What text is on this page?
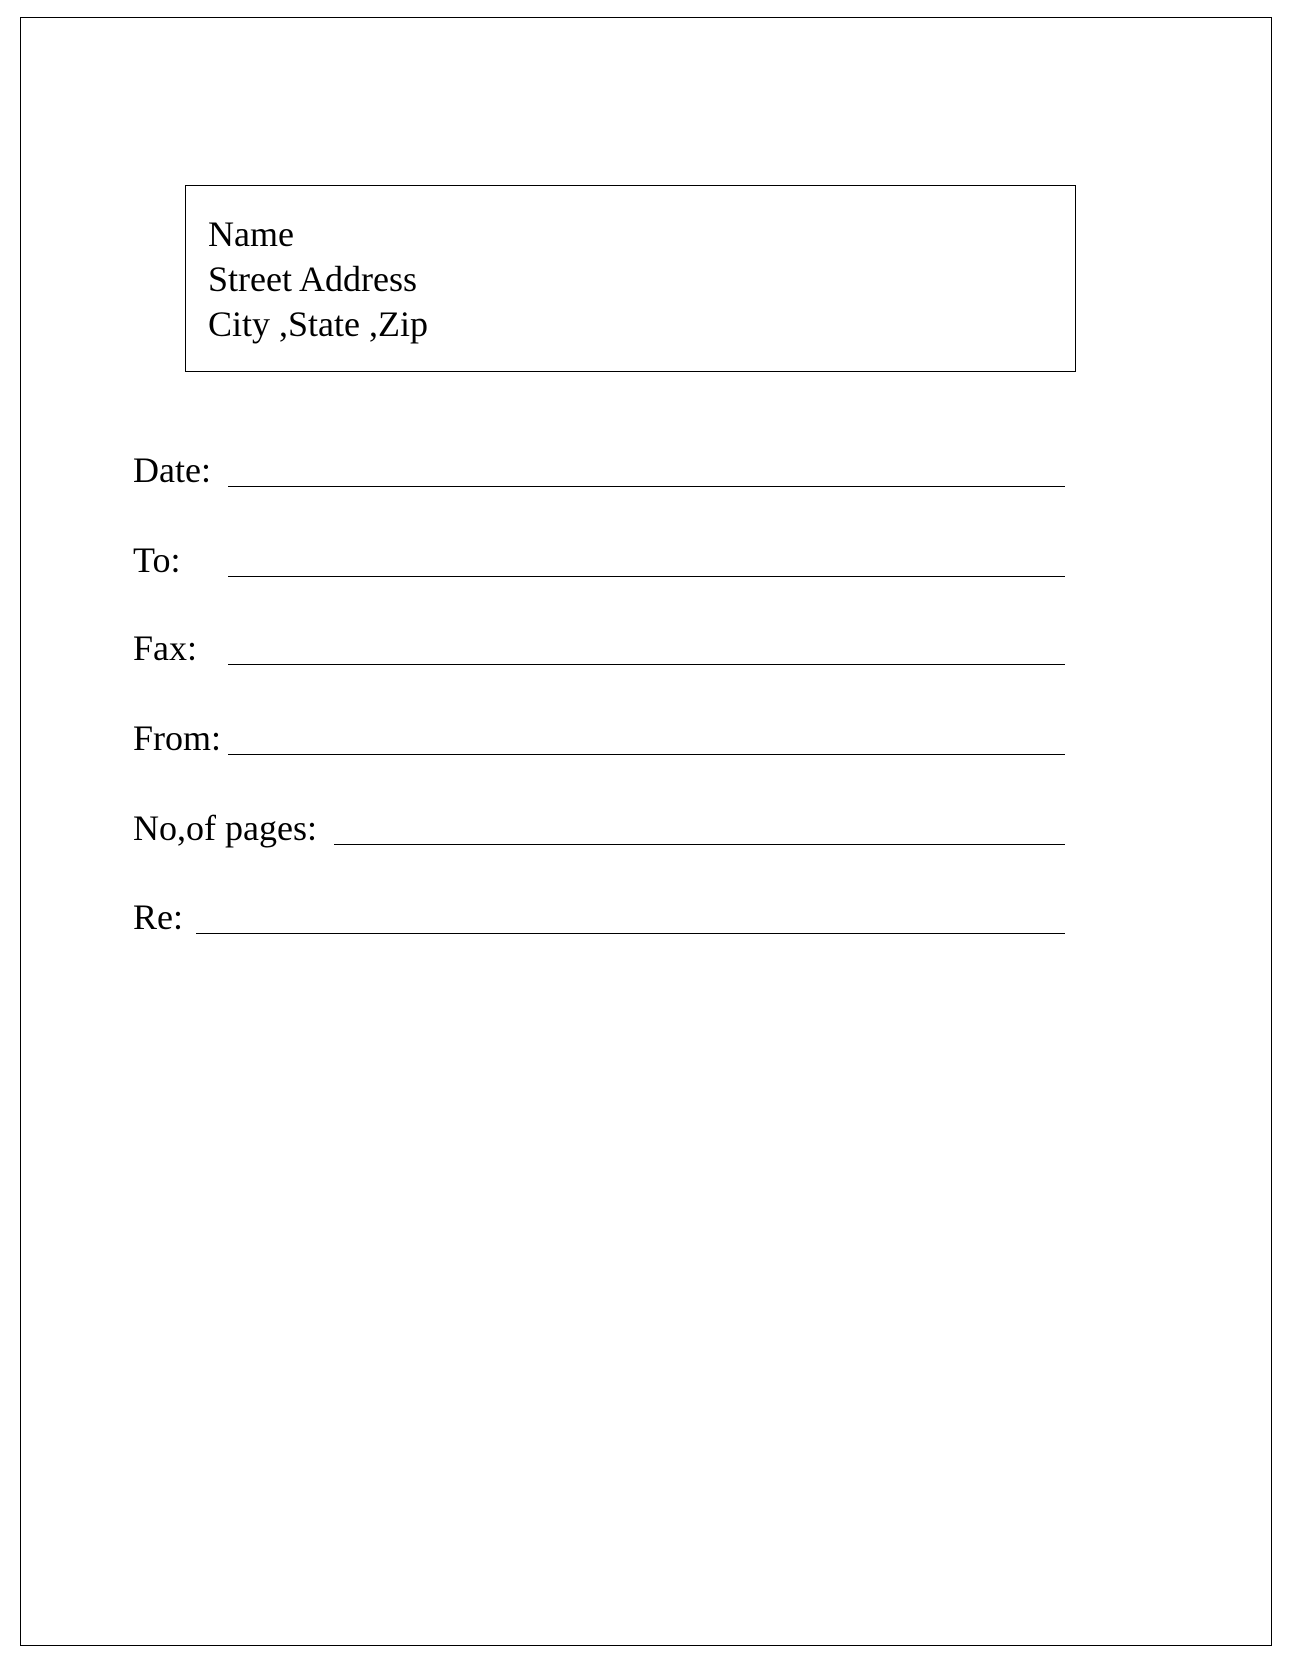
Name
Street Address
City ,State ,Zip
Date:
To:
Fax:
From:
No,of pages:
Re:
